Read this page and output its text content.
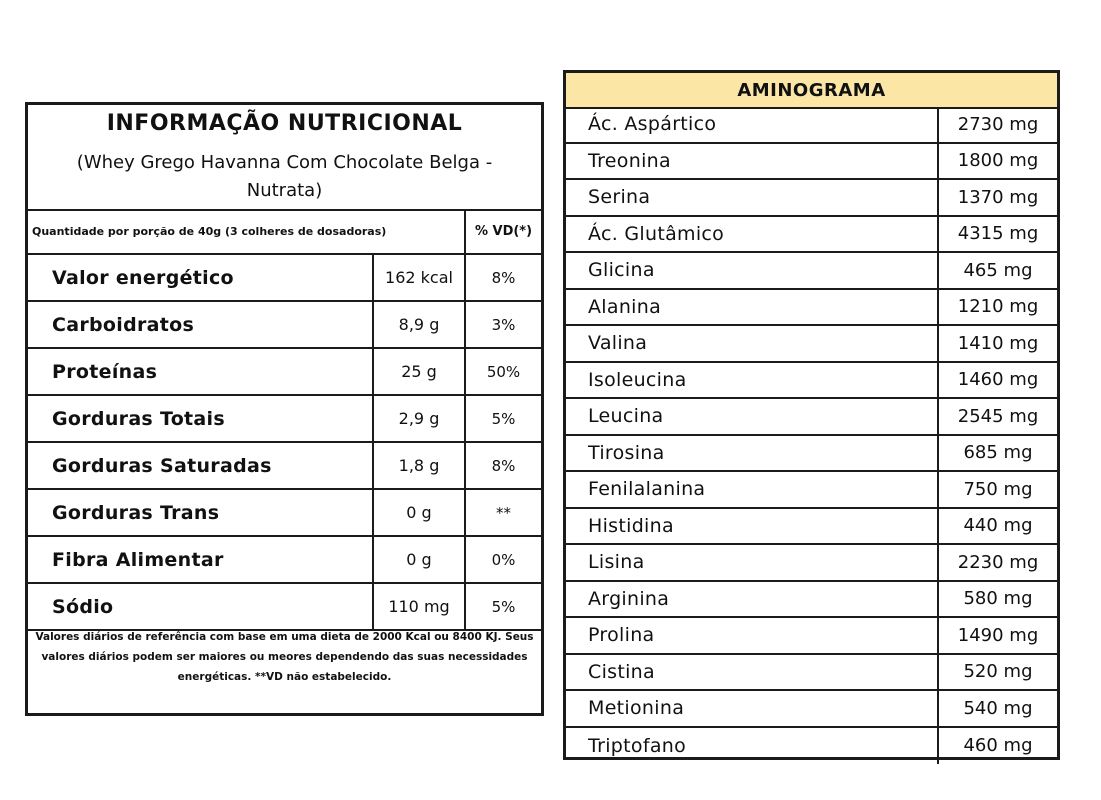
INFORMAÇÃO NUTRICIONAL
(Whey Grego Havanna Com Chocolate Belga - Nutrata)
Quantidade por porção de 40g (3 colheres de dosadoras)	% VD(*)
Valor energético	162 kcal	8%
Carboidratos	8,9 g	3%
Proteínas	25 g	50%
Gorduras Totais	2,9 g	5%
Gorduras Saturadas	1,8 g	8%
Gorduras Trans	0 g	**
Fibra Alimentar	0 g	0%
Sódio	110 mg	5%
Valores diários de referência com base em uma dieta de 2000 Kcal ou 8400 KJ. Seus valores diários podem ser maiores ou meores dependendo das suas necessidades energéticas. **VD não estabelecido.
AMINOGRAMA
Ác. Aspártico	2730 mg
Treonina	1800 mg
Serina	1370 mg
Ác. Glutâmico	4315 mg
Glicina	465 mg
Alanina	1210 mg
Valina	1410 mg
Isoleucina	1460 mg
Leucina	2545 mg
Tirosina	685 mg
Fenilalanina	750 mg
Histidina	440 mg
Lisina	2230 mg
Arginina	580 mg
Prolina	1490 mg
Cistina	520 mg
Metionina	540 mg
Triptofano	460 mg
